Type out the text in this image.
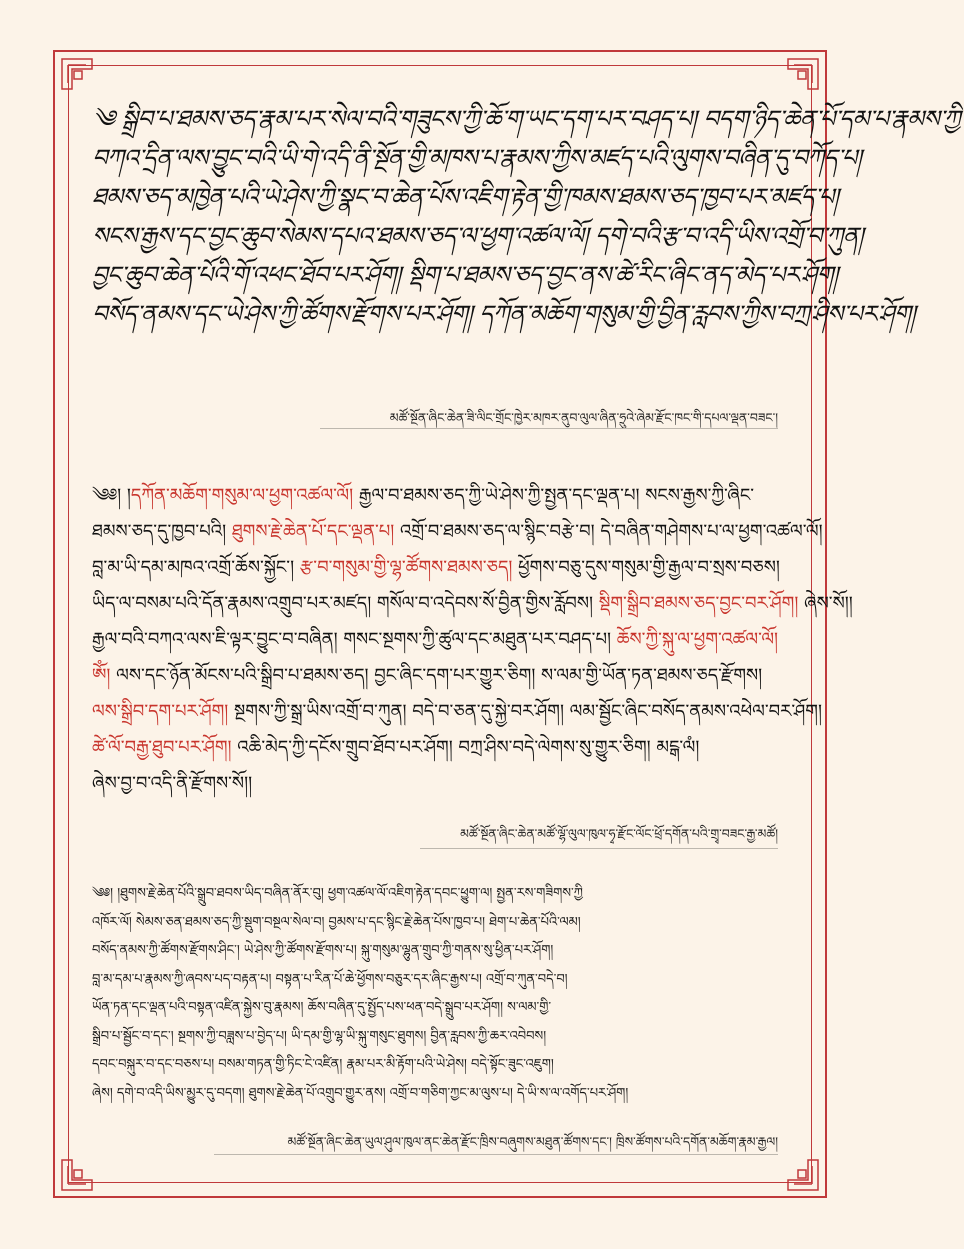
༄ སྒྲིབ་པ་ཐམས་ཅད་རྣམ་པར་སེལ་བའི་གཟུངས་ཀྱི་ཆོ་ག་ཡང་དག་པར་བཤད་པ། བདག་ཉིད་ཆེན་པོ་དམ་པ་རྣམས་ཀྱི་
བཀའ་དྲིན་ལས་བྱུང་བའི་ཡི་གེ་འདི་ནི་སྔོན་གྱི་མཁས་པ་རྣམས་ཀྱིས་མཛད་པའི་ལུགས་བཞིན་དུ་བཀོད་པ།
ཐམས་ཅད་མཁྱེན་པའི་ཡེ་ཤེས་ཀྱི་སྣང་བ་ཆེན་པོས་འཇིག་རྟེན་གྱི་ཁམས་ཐམས་ཅད་ཁྱབ་པར་མཛད་པ།
སངས་རྒྱས་དང་བྱང་ཆུབ་སེམས་དཔའ་ཐམས་ཅད་ལ་ཕྱག་འཚལ་ལོ། དགེ་བའི་རྩ་བ་འདི་ཡིས་འགྲོ་བ་ཀུན།
བྱང་ཆུབ་ཆེན་པོའི་གོ་འཕང་ཐོབ་པར་ཤོག། སྡིག་པ་ཐམས་ཅད་བྱང་ནས་ཚེ་རིང་ཞིང་ནད་མེད་པར་ཤོག།
བསོད་ནམས་དང་ཡེ་ཤེས་ཀྱི་ཚོགས་རྫོགས་པར་ཤོག། དཀོན་མཆོག་གསུམ་གྱི་བྱིན་རླབས་ཀྱིས་བཀྲ་ཤིས་པར་ཤོག།
མཚོ་སྔོན་ཞིང་ཆེན་ཟི་ལིང་གྲོང་ཁྱེར་མཁར་ནུབ་ལུལ་ཞིན་ཧྲུའེ་ཞེམ་རྫོང་ཁང་གི་དཔལ་ལྡན་བཟང་།
༄༅། །དཀོན་མཆོག་གསུམ་ལ་ཕྱག་འཚལ་ལོ། རྒྱལ་བ་ཐམས་ཅད་ཀྱི་ཡེ་ཤེས་ཀྱི་སྤྱན་དང་ལྡན་པ། སངས་རྒྱས་ཀྱི་ཞིང་
ཐམས་ཅད་དུ་ཁྱབ་པའི། ཐུགས་རྗེ་ཆེན་པོ་དང་ལྡན་པ། འགྲོ་བ་ཐམས་ཅད་ལ་སྙིང་བརྩེ་བ། དེ་བཞིན་གཤེགས་པ་ལ་ཕྱག་འཚལ་ལོ།
བླ་མ་ཡི་དམ་མཁའ་འགྲོ་ཆོས་སྐྱོང་། རྩ་བ་གསུམ་གྱི་ལྷ་ཚོགས་ཐམས་ཅད། ཕྱོགས་བཅུ་དུས་གསུམ་གྱི་རྒྱལ་བ་སྲས་བཅས།
ཡིད་ལ་བསམ་པའི་དོན་རྣམས་འགྲུབ་པར་མཛད། གསོལ་བ་འདེབས་སོ་བྱིན་གྱིས་རློབས། སྡིག་སྒྲིབ་ཐམས་ཅད་བྱང་བར་ཤོག། ཞེས་སོ།།
རྒྱལ་བའི་བཀའ་ལས་ཇི་ལྟར་བྱུང་བ་བཞིན། གསང་སྔགས་ཀྱི་ཚུལ་དང་མཐུན་པར་བཤད་པ། ཆོས་ཀྱི་སྐུ་ལ་ཕྱག་འཚལ་ལོ།
ཨོཾ། ལས་དང་ཉོན་མོངས་པའི་སྒྲིབ་པ་ཐམས་ཅད། བྱང་ཞིང་དག་པར་གྱུར་ཅིག། ས་ལམ་གྱི་ཡོན་ཏན་ཐམས་ཅད་རྫོགས།
ལས་སྒྲིབ་དག་པར་ཤོག། སྔགས་ཀྱི་སྒྲ་ཡིས་འགྲོ་བ་ཀུན། བདེ་བ་ཅན་དུ་སྐྱེ་བར་ཤོག། ལམ་སྦྱོང་ཞིང་བསོད་ནམས་འཕེལ་བར་ཤོག།
ཚེ་ལོ་བརྒྱ་ཐུབ་པར་ཤོག། འཆི་མེད་ཀྱི་དངོས་གྲུབ་ཐོབ་པར་ཤོག། བཀྲ་ཤིས་བདེ་ལེགས་སུ་གྱུར་ཅིག། མངྒ་ལཾ།
ཞེས་བྱ་བ་འདི་ནི་རྫོགས་སོ།།
མཚོ་སྔོན་ཞིང་ཆེན་མཚོ་ལྷོ་ལུལ་ཁུལ་ཧྭ་རྫོང་ལོང་ཕྲོ་དགོན་པའི་གྲྭ་བཟང་རྒྱ་མཚོ།
༄༅། །ཐུགས་རྗེ་ཆེན་པོའི་སྒྲུབ་ཐབས་ཡིད་བཞིན་ནོར་བུ། ཕྱག་འཚལ་ལོ་འཇིག་རྟེན་དབང་ཕྱུག་ལ། སྤྱན་རས་གཟིགས་ཀྱི
འཁོར་ལོ། སེམས་ཅན་ཐམས་ཅད་ཀྱི་སྡུག་བསྔལ་སེལ་བ། བྱམས་པ་དང་སྙིང་རྗེ་ཆེན་པོས་ཁྱབ་པ། ཐེག་པ་ཆེན་པོའི་ལམ།
བསོད་ནམས་ཀྱི་ཚོགས་རྫོགས་ཤིང་། ཡེ་ཤེས་ཀྱི་ཚོགས་རྫོགས་པ། སྐུ་གསུམ་ལྷུན་གྲུབ་ཀྱི་གནས་སུ་ཕྱིན་པར་ཤོག།
བླ་མ་དམ་པ་རྣམས་ཀྱི་ཞབས་པད་བརྟན་པ། བསྟན་པ་རིན་པོ་ཆེ་ཕྱོགས་བཅུར་དར་ཞིང་རྒྱས་པ། འགྲོ་བ་ཀུན་བདེ་བ།
ཡོན་ཏན་དང་ལྡན་པའི་བསྟན་འཛིན་སྐྱེས་བུ་རྣམས། ཆོས་བཞིན་དུ་སྤྱོད་པས་ཕན་བདེ་སྒྲུབ་པར་ཤོག། ས་ལམ་གྱི་
སྒྲིབ་པ་སྦྱོང་བ་དང་། སྔགས་ཀྱི་བཟླས་པ་བྱེད་པ། ཡི་དམ་གྱི་ལྷ་ཡི་སྐུ་གསུང་ཐུགས། བྱིན་རླབས་ཀྱི་ཆར་འབེབས།
དབང་བསྐུར་བ་དང་བཅས་པ། བསམ་གཏན་གྱི་ཏིང་ངེ་འཛིན། རྣམ་པར་མི་རྟོག་པའི་ཡེ་ཤེས། བདེ་སྟོང་ཟུང་འཇུག།
ཞེས། དགེ་བ་འདི་ཡིས་མྱུར་དུ་བདག། ཐུགས་རྗེ་ཆེན་པོ་འགྲུབ་གྱུར་ནས། འགྲོ་བ་གཅིག་ཀྱང་མ་ལུས་པ། དེ་ཡི་ས་ལ་འགོད་པར་ཤོག།
མཚོ་སྔོན་ཞིང་ཆེན་ཡུལ་ཤུལ་ཁུལ་ནང་ཆེན་རྫོང་ཁྲིས་བཞུགས་མཐུན་ཚོགས་དང་། ཁྲིས་ཚོགས་པའི་དགོན་མཆོག་རྣམ་རྒྱལ།
